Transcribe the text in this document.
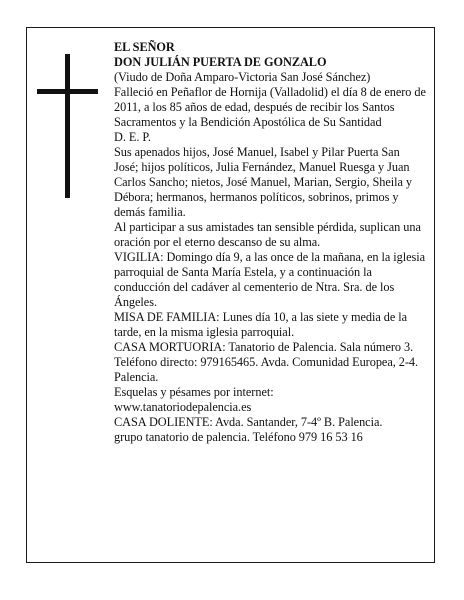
EL SEÑOR

DON JULIÁN PUERTA DE GONZALO

(Viudo de Doña Amparo-Victoria San José Sánchez)

Falleció en Peñaflor de Hornija (Valladolid) el día 8 de enero de 2011, a los 85 años de edad, después de recibir los Santos Sacramentos y la Bendición Apostólica de Su Santidad

D. E. P.

Sus apenados hijos, José Manuel, Isabel y Pilar Puerta San José; hijos políticos, Julia Fernández, Manuel Ruesga y Juan Carlos Sancho; nietos, José Manuel, Marian, Sergio, Sheila y Débora; hermanos, hermanos políticos, sobrinos, primos y demás familia.

Al participar a sus amistades tan sensible pérdida, suplican una oración por el eterno descanso de su alma.

VIGILIA: Domingo día 9, a las once de la mañana, en la iglesia parroquial de Santa María Estela, y a continuación la conducción del cadáver al cementerio de Ntra. Sra. de los Ángeles.

MISA DE FAMILIA: Lunes día 10, a las siete y media de la tarde, en la misma iglesia parroquial.

CASA MORTUORIA: Tanatorio de Palencia. Sala número 3. Teléfono directo: 979165465. Avda. Comunidad Europea, 2-4. Palencia.

Esquelas y pésames por internet:

www.tanatoriodepalencia.es

CASA DOLIENTE: Avda. Santander, 7-4º B. Palencia.

grupo tanatorio de palencia. Teléfono 979 16 53 16
